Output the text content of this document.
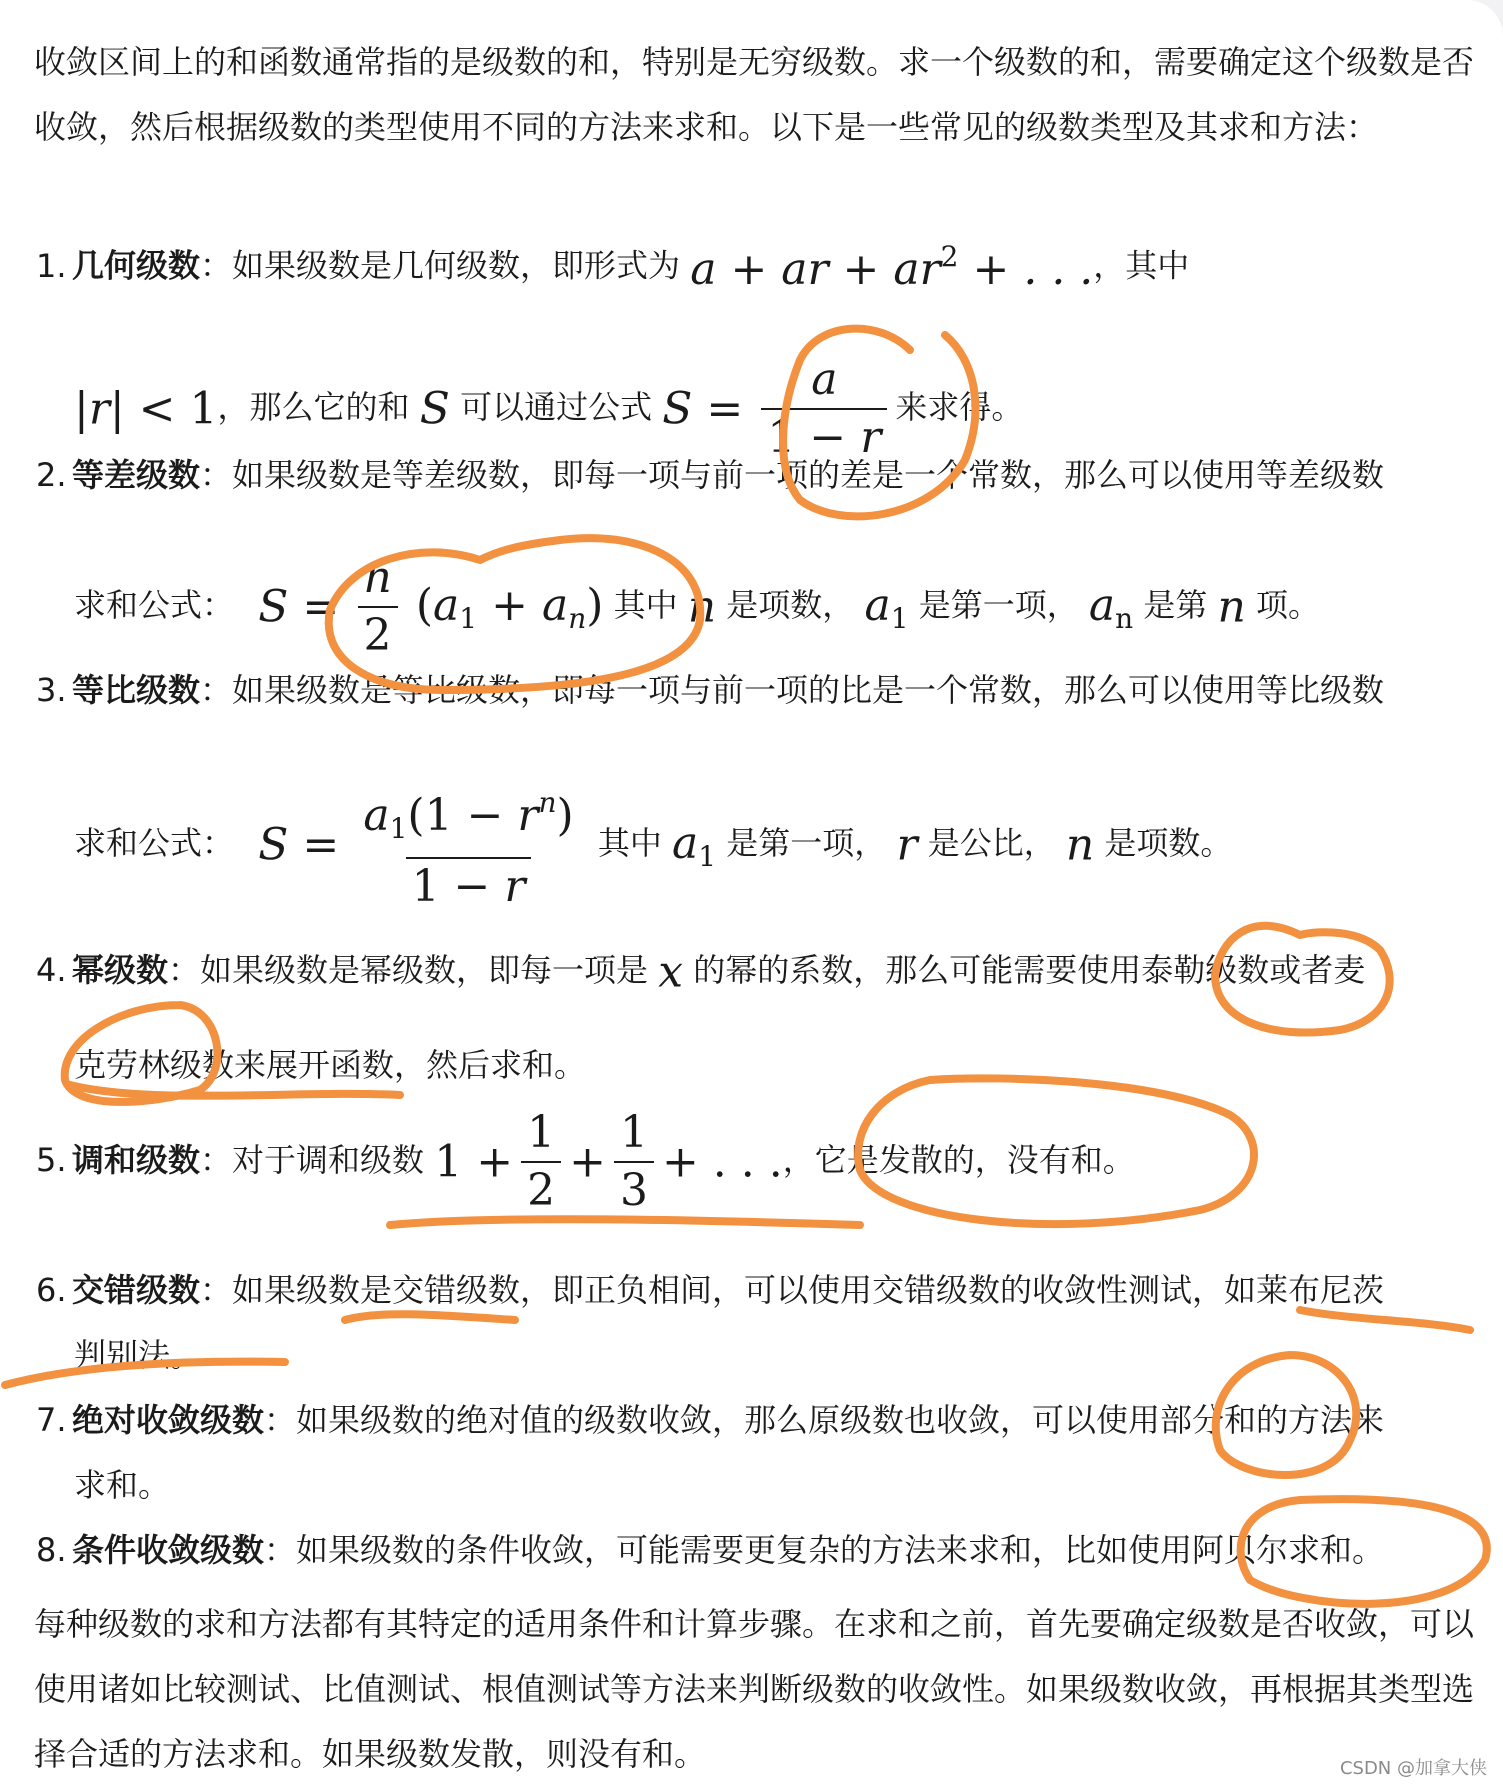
收敛区间上的和函数通常指的是级数的和，特别是无穷级数。求一个级数的和，需要确定这个级数是否收敛，然后根据级数的类型使用不同的方法来求和。以下是一些常见的级数类型及其求和方法：

1. 几何级数：如果级数是几何级数，即形式为 a + ar + $ar^2$ + . . .，其中
|r| < 1，那么它的和 S 可以通过公式 $S = \frac{a}{1 - r}$ 来求得。
2. 等差级数：如果级数是等差级数，即每一项与前一项的差是一个常数，那么可以使用等差级数
求和公式： $S = \frac{n}{2} (a_1 + a_n)$ 其中 n 是项数， $a_1$ 是第一项， $a_n$ 是第 n 项。
3. 等比级数：如果级数是等比级数，即每一项与前一项的比是一个常数，那么可以使用等比级数
求和公式： $S = \frac{a_1(1 - r^n)}{1 - r}$ 其中 $a_1$ 是第一项， r 是公比， n 是项数。
4. 幂级数：如果级数是幂级数，即每一项是 x 的幂的系数，那么可能需要使用泰勒级数或者麦
克劳林级数来展开函数，然后求和。
5. 调和级数：对于调和级数 $1 + \frac{1}{2} + \frac{1}{3}$ + . . .，它是发散的，没有和。
6. 交错级数：如果级数是交错级数，即正负相间，可以使用交错级数的收敛性测试，如莱布尼茨
判别法。
7. 绝对收敛级数：如果级数的绝对值的级数收敛，那么原级数也收敛，可以使用部分和的方法来
求和。
8. 条件收敛级数：如果级数的条件收敛，可能需要更复杂的方法来求和，比如使用阿贝尔求和。

每种级数的求和方法都有其特定的适用条件和计算步骤。在求和之前，首先要确定级数是否收敛，可以使用诸如比较测试、比值测试、根值测试等方法来判断级数的收敛性。如果级数收敛，再根据其类型选择合适的方法求和。如果级数发散，则没有和。	CSDN @加拿大侠
